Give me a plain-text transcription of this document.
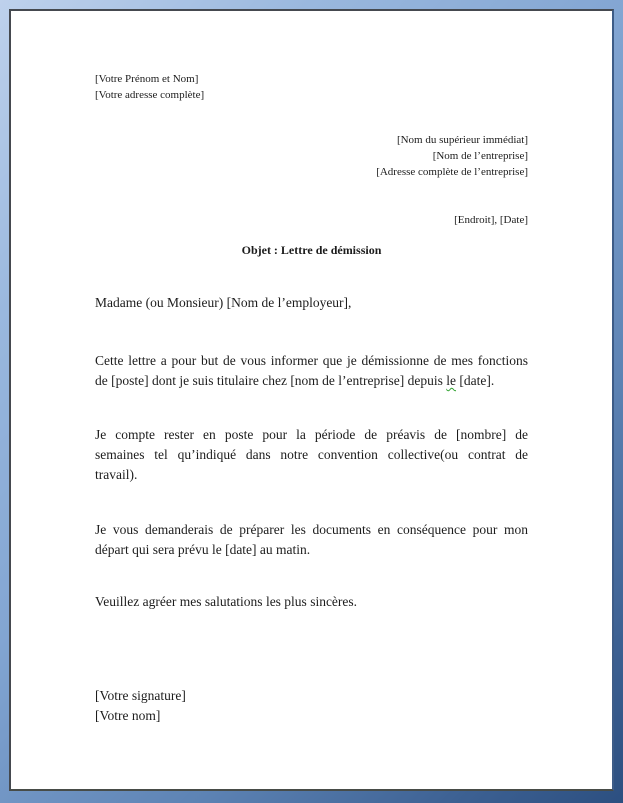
[Votre Prénom et Nom]
[Votre adresse complète]
[Nom du supérieur immédiat]
[Nom de l’entreprise]
[Adresse complète de l’entreprise]
[Endroit], [Date]
Objet : Lettre de démission
Madame (ou Monsieur) [Nom de l’employeur],
Cette lettre a pour but de vous informer que je démissionne de mes fonctions
de [poste] dont je suis titulaire chez [nom de l’entreprise] depuis le [date].
Je compte rester en poste pour la période de préavis de [nombre] de
semaines tel qu’indiqué dans notre convention collective(ou contrat de
travail).
Je vous demanderais de préparer les documents en conséquence pour mon
départ qui sera prévu le [date] au matin.
Veuillez agréer mes salutations les plus sincères.
[Votre signature]
[Votre nom]
